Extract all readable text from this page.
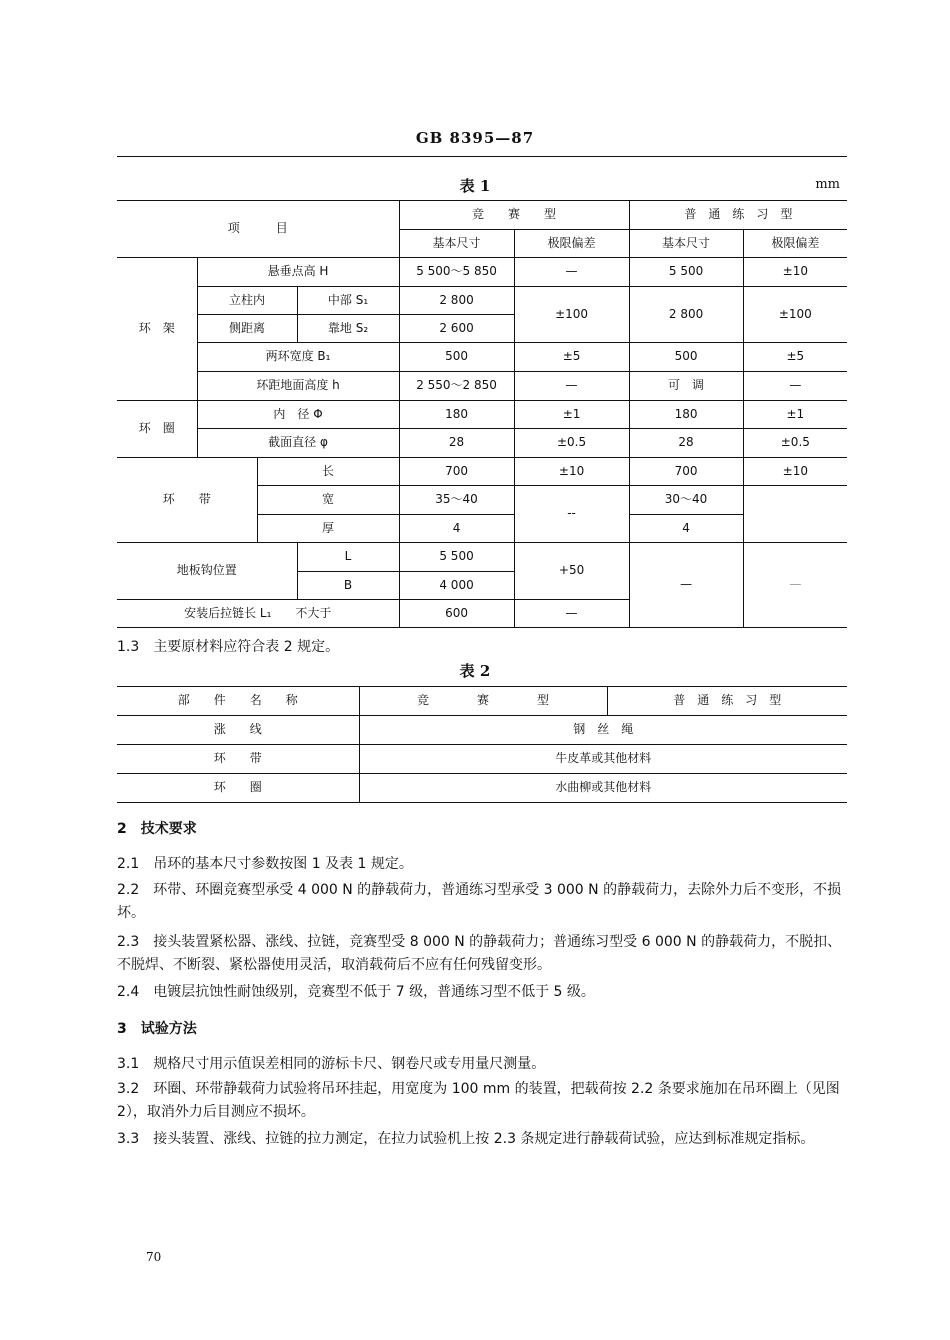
GB 8395—87
表 1	mm
项　　　目				竞　　赛　　型		普　通　练　习　型	
				基本尺寸	极限偏差	基本尺寸	极限偏差
环　架	悬垂点高 H			5 500～5 850	—	5 500	±10
	立柱内		中部 S₁	2 800	±100	2 800	±100
	侧距离		靠地 S₂	2 600			
	两环宽度 B₁			500	±5	500	±5
	环距地面高度 h			2 550～2 850	—	可　调	—
环　圈	内　径 Φ			180	±1	180	±1
	截面直径 φ			28	±0.5	28	±0.5
环　　带		长		700	±10	700	±10
		宽		35～40	--	30～40	
		厚		4		4	
地板钩位置			L	5 500	+50	—	—
			B	4 000			
安装后拉链长 L₁　　不大于				600	—		
1.3　主要原材料应符合表 2 规定。
表 2
部　　件　　名　　称	竞　　　　赛　　　　型	普　通　练　习　型
涨　　线	钢　丝　绳	
环　　带	牛皮革或其他材料	
环　　圈	水曲柳或其他材料	
2　技术要求
2.1　吊环的基本尺寸参数按图 1 及表 1 规定。
2.2　环带、环圈竞赛型承受 4 000 N 的静载荷力，普通练习型承受 3 000 N 的静载荷力，去除外力后不变形，不损坏。
2.3　接头装置紧松器、涨线、拉链，竞赛型受 8 000 N 的静载荷力；普通练习型受 6 000 N 的静载荷力，不脱扣、不脱焊、不断裂、紧松器使用灵活，取消载荷后不应有任何残留变形。
2.4　电镀层抗蚀性耐蚀级别，竞赛型不低于 7 级，普通练习型不低于 5 级。
3　试验方法
3.1　规格尺寸用示值误差相同的游标卡尺、钢卷尺或专用量尺测量。
3.2　环圈、环带静载荷力试验将吊环挂起，用宽度为 100 mm 的装置，把载荷按 2.2 条要求施加在吊环圈上（见图 2），取消外力后目测应不损坏。
3.3　接头装置、涨线、拉链的拉力测定，在拉力试验机上按 2.3 条规定进行静载荷试验，应达到标准规定指标。
70
